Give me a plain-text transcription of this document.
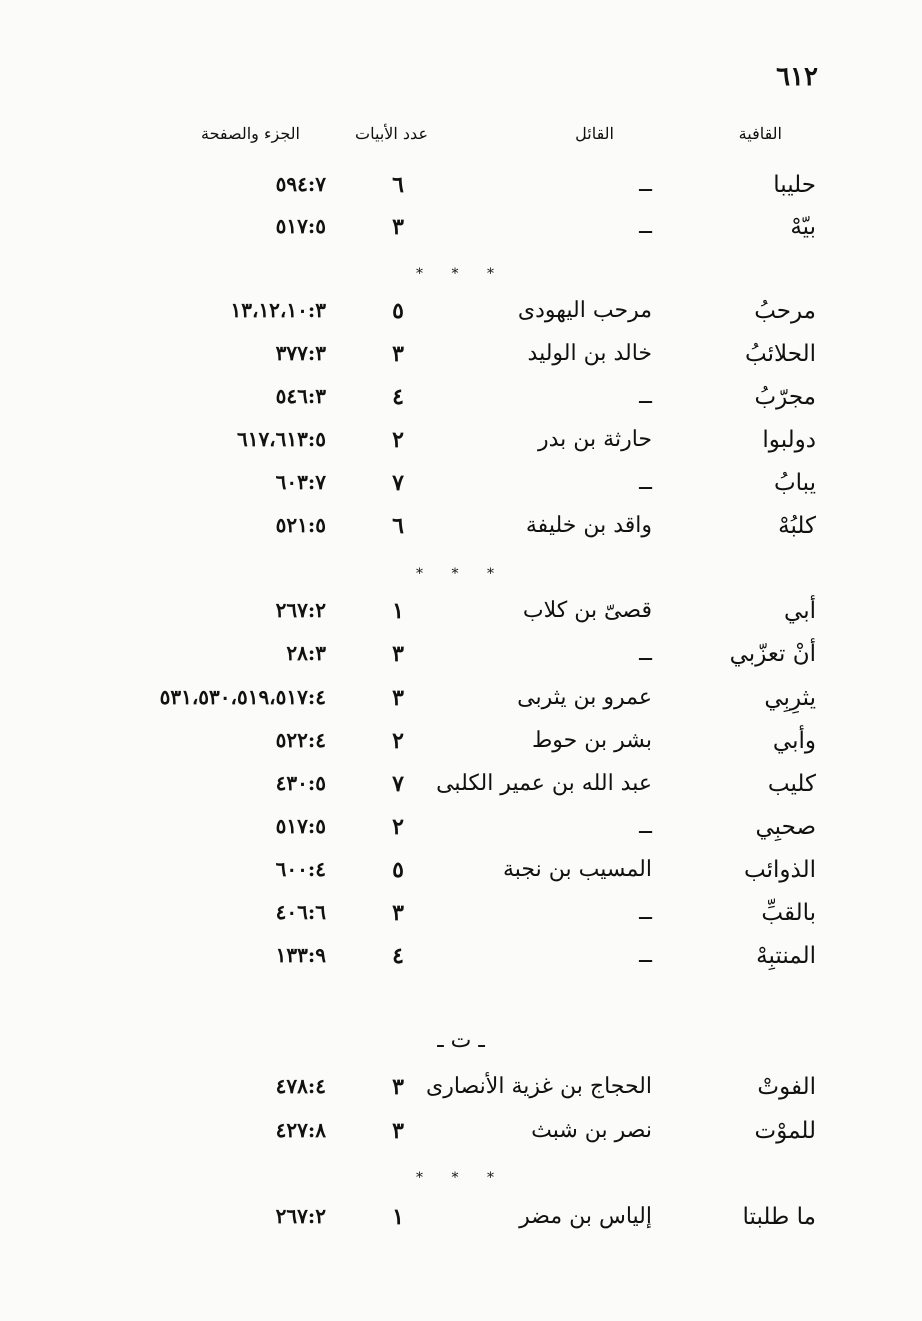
٦١٢
القافية
القائل
عدد الأبيات
الجزء والصفحة
حليبا
ــ
٦
٥٩٤:٧
بيّهْ
ــ
٣
٥١٧:٥
* * *
مرحبُ
مرحب اليهودى
٥
١٣،١٢،١٠:٣
الحلائبُ
خالد بن الوليد
٣
٣٧٧:٣
مجرّبُ
ــ
٤
٥٤٦:٣
دولبوا
حارثة بن بدر
٢
٦١٧،٦١٣:٥
يبابُ
ــ
٧
٦٠٣:٧
كلبُهْ
واقد بن خليفة
٦
٥٢١:٥
* * *
أبي
قصىّ بن كلاب
١
٢٦٧:٢
أنْ تعزّبي
ــ
٣
٢٨:٣
يثرِبِي
عمرو بن يثربى
٣
٥٣١،٥٣٠،٥١٩،٥١٧:٤
وأبي
بشر بن حوط
٢
٥٢٢:٤
كليب
عبد الله بن عمير الكلبى
٧
٤٣٠:٥
صحبِي
ــ
٢
٥١٧:٥
الذوائب
المسيب بن نجبة
٥
٦٠٠:٤
بالقبِّ
ــ
٣
٤٠٦:٦
المنتبِهْ
ــ
٤
١٣٣:٩
ـ ت ـ
الفوتْ
الحجاج بن غزية الأنصارى
٣
٤٧٨:٤
للموْت
نصر بن شبث
٣
٤٢٧:٨
* * *
ما طلبتا
إلياس بن مضر
١
٢٦٧:٢
